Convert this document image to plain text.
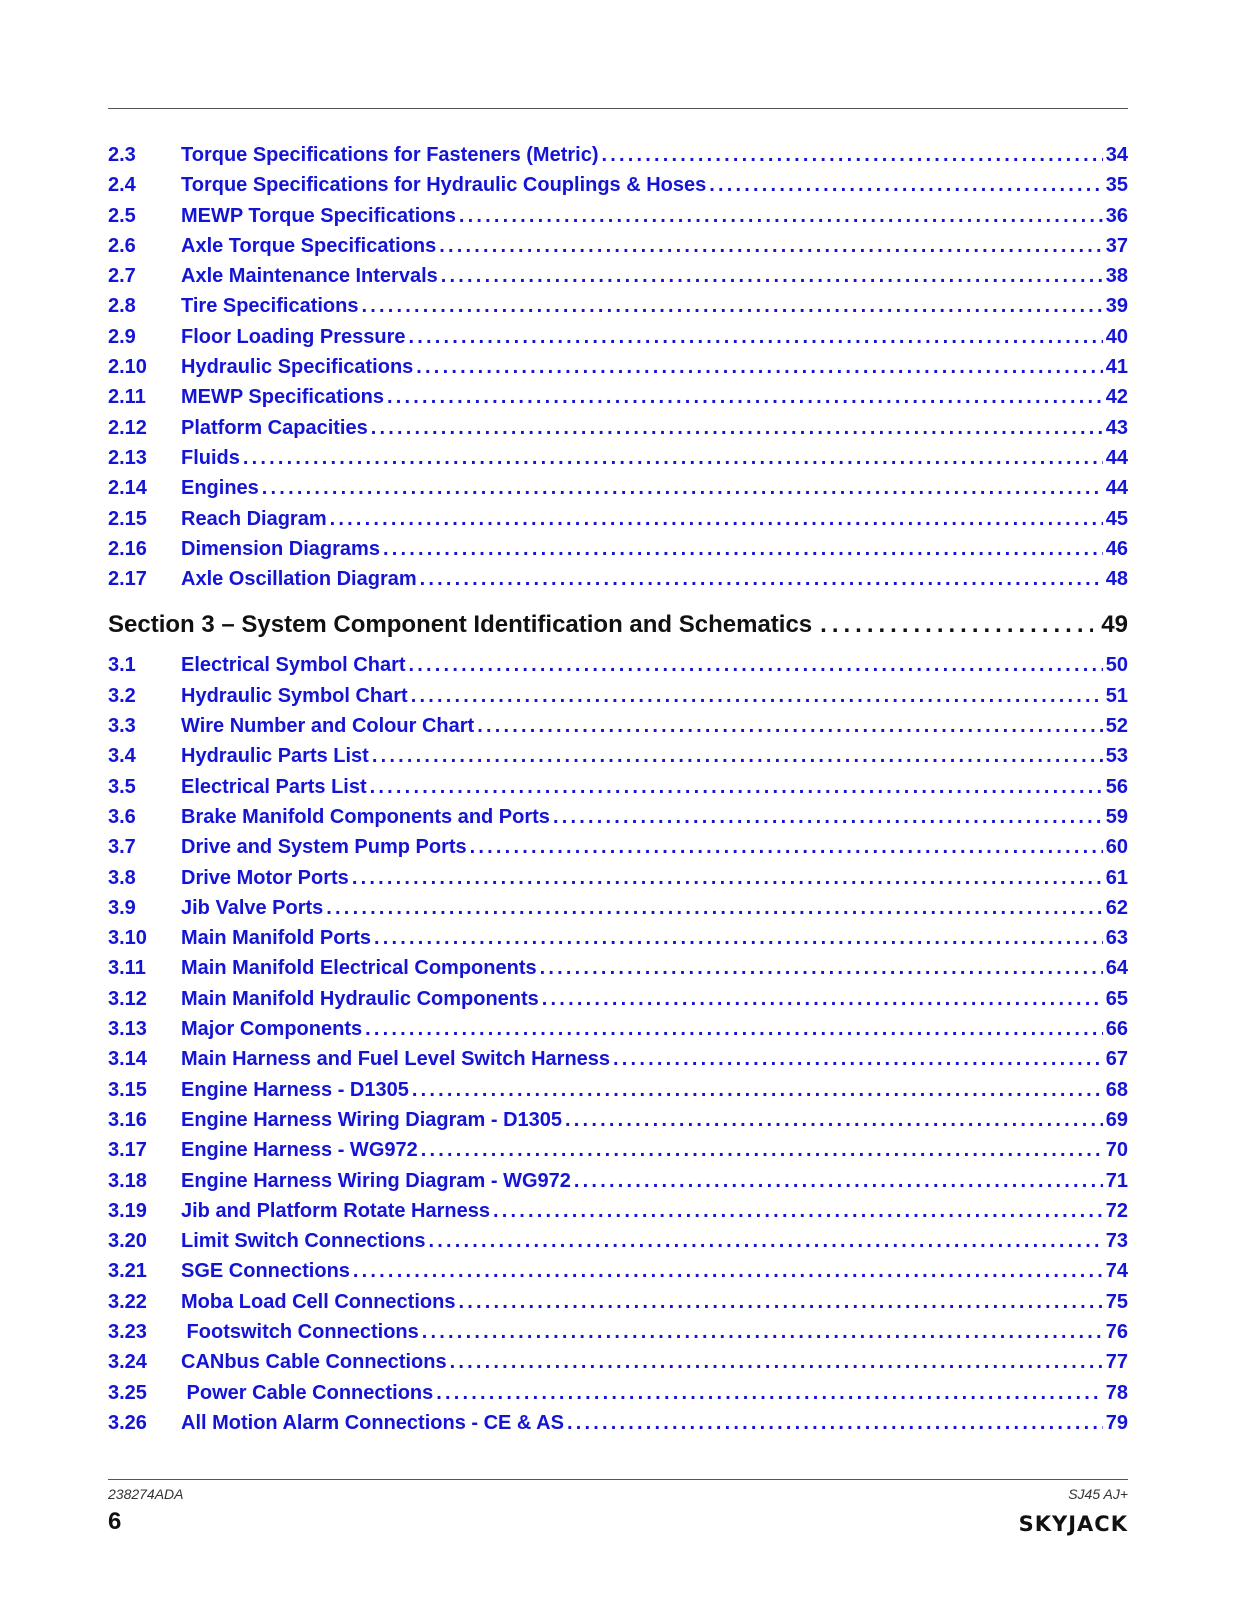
2.3	Torque Specifications for Fasteners (Metric) .....	34
2.4	Torque Specifications for Hydraulic Couplings & Hoses .....	35
2.5	MEWP Torque Specifications .....	36
2.6	Axle Torque Specifications .....	37
2.7	Axle Maintenance Intervals .....	38
2.8	Tire Specifications .....	39
2.9	Floor Loading Pressure .....	40
2.10	Hydraulic Specifications .....	41
2.11	MEWP Specifications .....	42
2.12	Platform Capacities .....	43
2.13	Fluids .....	44
2.14	Engines .....	44
2.15	Reach Diagram .....	45
2.16	Dimension Diagrams .....	46
2.17	Axle Oscillation Diagram .....	48
Section 3 – System Component Identification and Schematics .....	49
3.1	Electrical Symbol Chart .....	50
3.2	Hydraulic Symbol Chart .....	51
3.3	Wire Number and Colour Chart .....	52
3.4	Hydraulic Parts List .....	53
3.5	Electrical Parts List .....	56
3.6	Brake Manifold Components and Ports .....	59
3.7	Drive and System Pump Ports .....	60
3.8	Drive Motor Ports .....	61
3.9	Jib Valve Ports .....	62
3.10	Main Manifold Ports .....	63
3.11	Main Manifold Electrical Components .....	64
3.12	Main Manifold Hydraulic Components .....	65
3.13	Major Components .....	66
3.14	Main Harness and Fuel Level Switch Harness .....	67
3.15	Engine Harness - D1305 .....	68
3.16	Engine Harness Wiring Diagram - D1305 .....	69
3.17	Engine Harness - WG972 .....	70
3.18	Engine Harness Wiring Diagram - WG972 .....	71
3.19	Jib and Platform Rotate Harness .....	72
3.20	Limit Switch Connections .....	73
3.21	SGE Connections .....	74
3.22	Moba Load Cell Connections .....	75
3.23	Footswitch Connections .....	76
3.24	CANbus Cable Connections .....	77
3.25	Power Cable Connections .....	78
3.26	All Motion Alarm Connections - CE & AS .....	79
238274ADA	SJ45 AJ+
6	SKYJACK
